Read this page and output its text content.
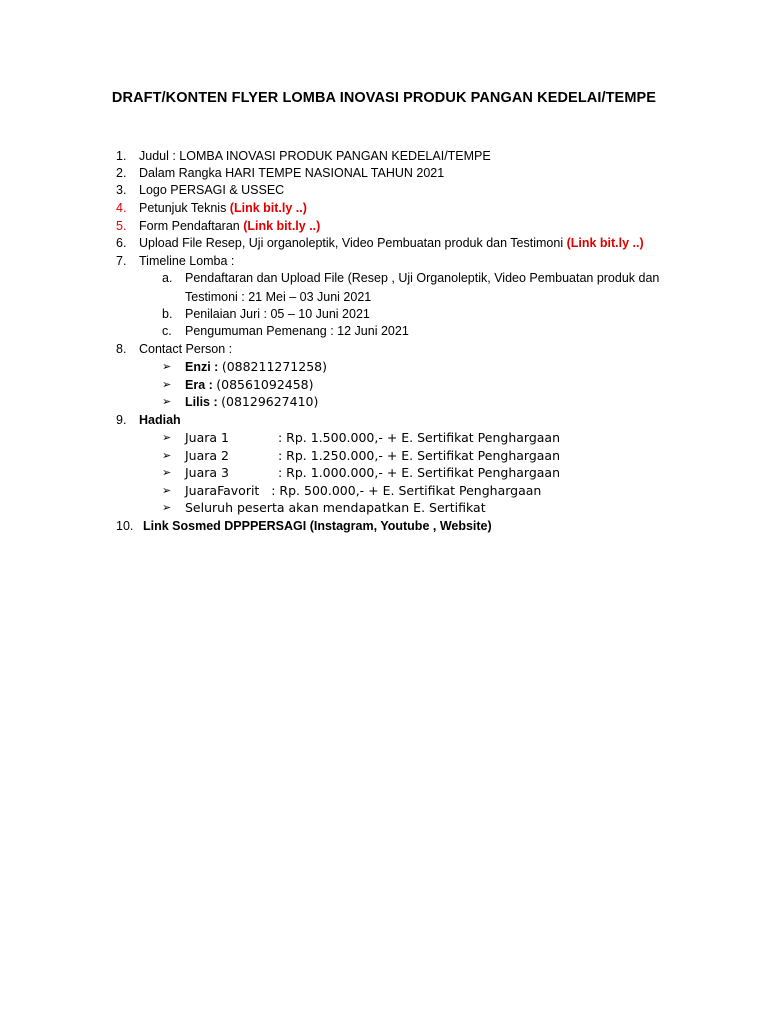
DRAFT/KONTEN FLYER LOMBA INOVASI PRODUK PANGAN KEDELAI/TEMPE
1.	Judul : LOMBA INOVASI PRODUK PANGAN KEDELAI/TEMPE
2.	Dalam Rangka HARI TEMPE NASIONAL TAHUN 2021
3.	Logo PERSAGI & USSEC
4.	Petunjuk Teknis (Link bit.ly ..)
5.	Form Pendaftaran (Link bit.ly ..)
6.	Upload File Resep, Uji organoleptik, Video Pembuatan produk dan Testimoni (Link bit.ly ..)
7.	Timeline Lomba :
a. Pendaftaran dan Upload File (Resep , Uji Organoleptik, Video Pembuatan produk dan
Testimoni : 21 Mei – 03 Juni 2021
b. Penilaian Juri : 05 – 10 Juni 2021
c. Pengumuman Pemenang : 12 Juni 2021
8.	Contact Person :
➢ Enzi : (088211271258)
➢ Era : (08561092458)
➢ Lilis : (08129627410)
9.	Hadiah
➢ Juara 1	: Rp. 1.500.000,- + E. Sertifikat Penghargaan
➢ Juara 2	: Rp. 1.250.000,- + E. Sertifikat Penghargaan
➢ Juara 3	: Rp. 1.000.000,- + E. Sertifikat Penghargaan
➢ JuaraFavorit   : Rp. 500.000,- + E. Sertifikat Penghargaan
➢ Seluruh peserta akan mendapatkan E. Sertifikat
10. Link Sosmed DPPPERSAGI (Instagram, Youtube , Website)
